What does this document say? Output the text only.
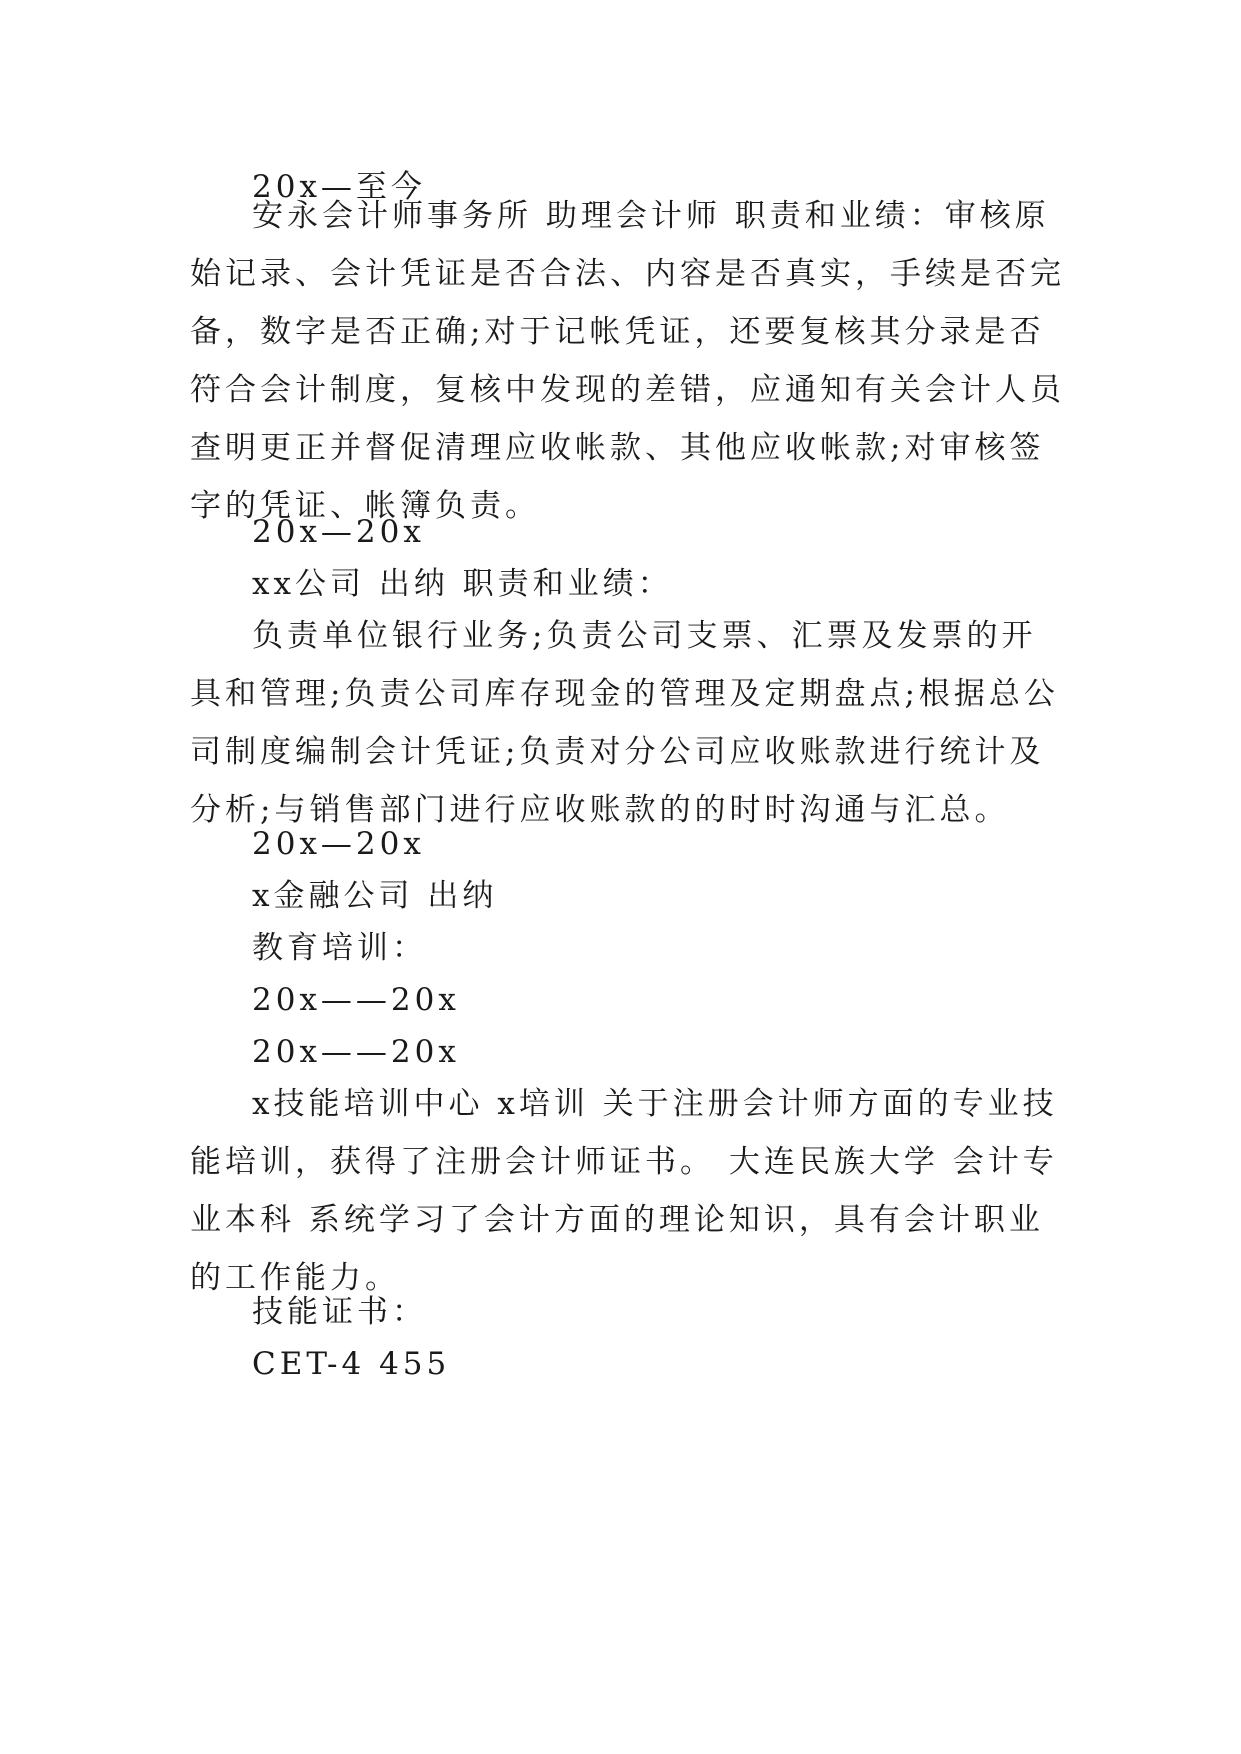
20x—至今

安永会计师事务所 助理会计师 职责和业绩：审核原始记录、会计凭证是否合法、内容是否真实，手续是否完备，数字是否正确;对于记帐凭证，还要复核其分录是否符合会计制度，复核中发现的差错，应通知有关会计人员查明更正并督促清理应收帐款、其他应收帐款;对审核签字的凭证、帐簿负责。

20x—20x

xx公司 出纳 职责和业绩：

负责单位银行业务;负责公司支票、汇票及发票的开具和管理;负责公司库存现金的管理及定期盘点;根据总公司制度编制会计凭证;负责对分公司应收账款进行统计及分析;与销售部门进行应收账款的的时时沟通与汇总。

20x—20x

x金融公司 出纳

教育培训：

20x——20x

20x——20x

x技能培训中心 x培训 关于注册会计师方面的专业技能培训，获得了注册会计师证书。 大连民族大学 会计专业本科 系统学习了会计方面的理论知识，具有会计职业的工作能力。

技能证书：

CET-4 455
